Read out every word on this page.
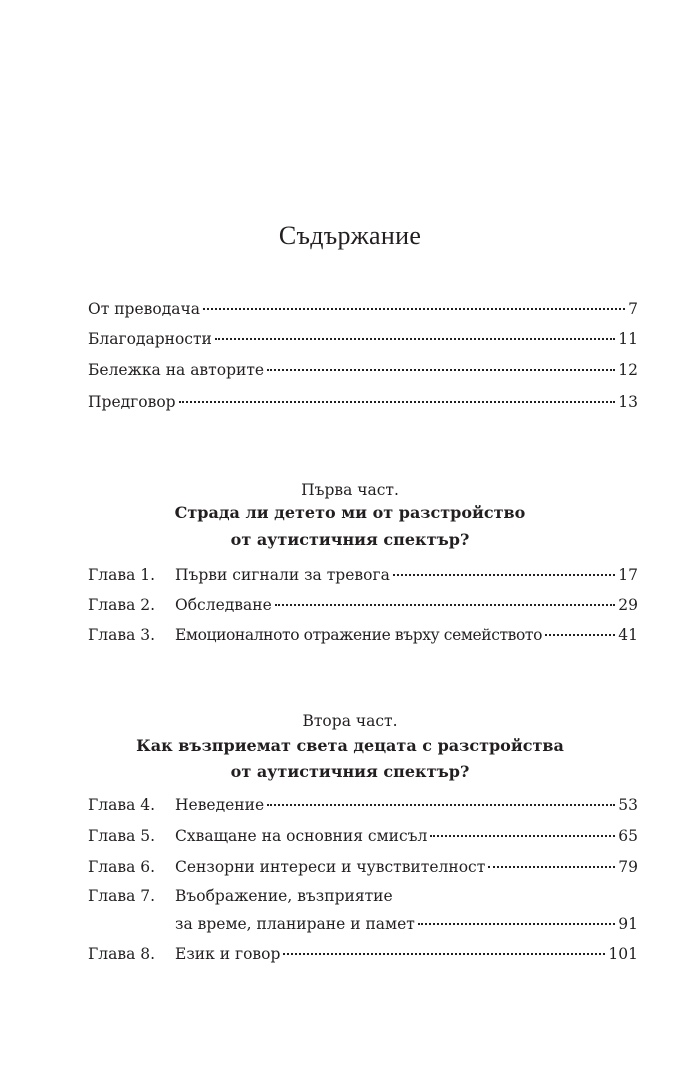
Съдържание
От преводача	7
Благодарности	11
Бележка на авторите	12
Предговор	13
Първа част.
Страда ли детето ми от разстройство
от аутистичния спектър?
Глава 1.	Първи сигнали за тревога	17
Глава 2.	Обследване	29
Глава 3.	Емоционалното отражение върху семейството	41
Втора част.
Как възприемат света децата с разстройства
от аутистичния спектър?
Глава 4.	Неведение	53
Глава 5.	Схващане на основния смисъл	65
Глава 6.	Сензорни интереси и чувствителност	79
Глава 7.	Въображение, възприятие
за време, планиране и памет	91
Глава 8.	Език и говор	101
